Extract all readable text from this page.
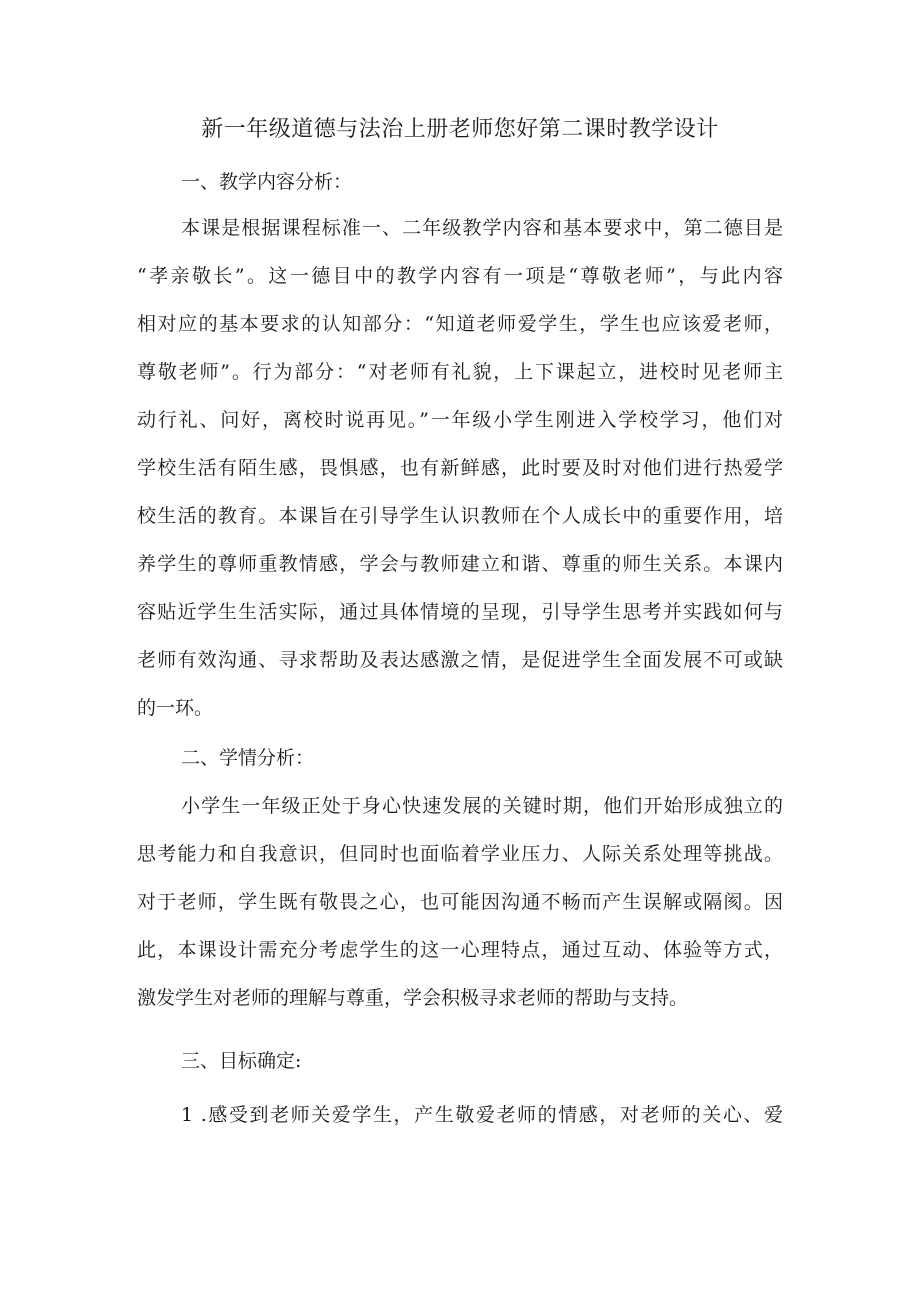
新一年级道德与法治上册老师您好第二课时教学设计
一、教学内容分析：
本课是根据课程标准一、二年级教学内容和基本要求中，第二德目是
“孝亲敬长”。这一德目中的教学内容有一项是“尊敬老师”，与此内容
相对应的基本要求的认知部分：“知道老师爱学生，学生也应该爱老师，
尊敬老师”。行为部分：“对老师有礼貌，上下课起立，进校时见老师主
动行礼、问好，离校时说再见。”一年级小学生刚进入学校学习，他们对
学校生活有陌生感，畏惧感，也有新鲜感，此时要及时对他们进行热爱学
校生活的教育。本课旨在引导学生认识教师在个人成长中的重要作用，培
养学生的尊师重教情感，学会与教师建立和谐、尊重的师生关系。本课内
容贴近学生生活实际，通过具体情境的呈现，引导学生思考并实践如何与
老师有效沟通、寻求帮助及表达感激之情，是促进学生全面发展不可或缺
的一环。
二、学情分析：
小学生一年级正处于身心快速发展的关键时期，他们开始形成独立的
思考能力和自我意识，但同时也面临着学业压力、人际关系处理等挑战。
对于老师，学生既有敬畏之心，也可能因沟通不畅而产生误解或隔阂。因
此，本课设计需充分考虑学生的这一心理特点，通过互动、体验等方式，
激发学生对老师的理解与尊重，学会积极寻求老师的帮助与支持。
三、目标确定:
1 .感受到老师关爱学生，产生敬爱老师的情感，对老师的关心、爱
